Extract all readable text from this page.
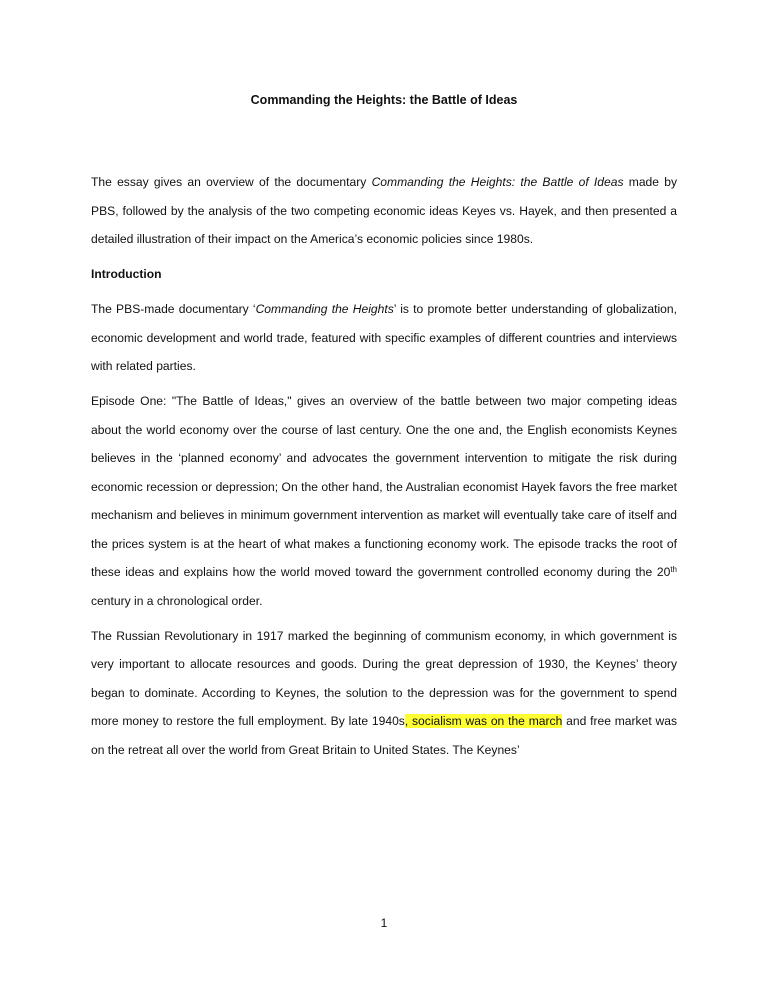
Commanding the Heights: the Battle of Ideas

The essay gives an overview of the documentary Commanding the Heights: the Battle of Ideas made by PBS, followed by the analysis of the two competing economic ideas Keyes vs. Hayek, and then presented a detailed illustration of their impact on the America’s economic policies since 1980s.

Introduction

The PBS-made documentary ‘Commanding the Heights’ is to promote better understanding of globalization, economic development and world trade, featured with specific examples of different countries and interviews with related parties.

Episode One: "The Battle of Ideas," gives an overview of the battle between two major competing ideas about the world economy over the course of last century. One the one and, the English economists Keynes believes in the ‘planned economy’ and advocates the government intervention to mitigate the risk during economic recession or depression; On the other hand, the Australian economist Hayek favors the free market mechanism and believes in minimum government intervention as market will eventually take care of itself and the prices system is at the heart of what makes a functioning economy work. The episode tracks the root of these ideas and explains how the world moved toward the government controlled economy during the 20th century in a chronological order.

The Russian Revolutionary in 1917 marked the beginning of communism economy, in which government is very important to allocate resources and goods. During the great depression of 1930, the Keynes’ theory began to dominate. According to Keynes, the solution to the depression was for the government to spend more money to restore the full employment. By late 1940s, socialism was on the march and free market was on the retreat all over the world from Great Britain to United States. The Keynes’

1
